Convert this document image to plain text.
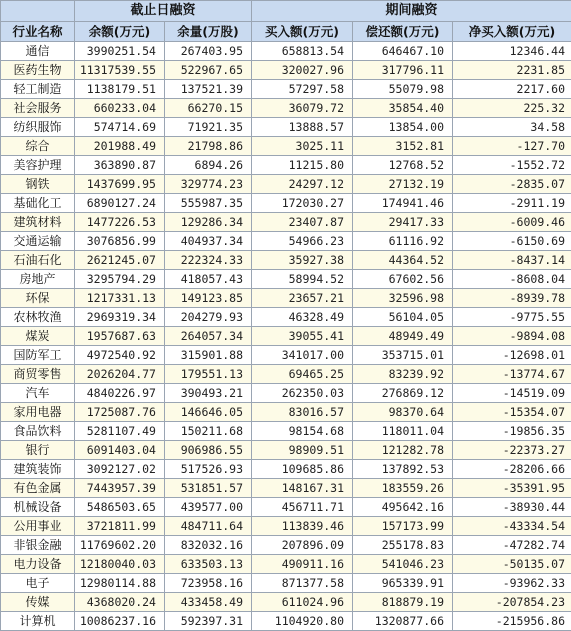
	截止日融资		期间融资		
行业名称	余额(万元)	余量(万股)	买入额(万元)	偿还额(万元)	净买入额(万元)
通信	3990251.54	267403.95	658813.54	646467.10	12346.44
医药生物	11317539.55	522967.65	320027.96	317796.11	2231.85
轻工制造	1138179.51	137521.39	57297.58	55079.98	2217.60
社会服务	660233.04	66270.15	36079.72	35854.40	225.32
纺织服饰	574714.69	71921.35	13888.57	13854.00	34.58
综合	201988.49	21798.86	3025.11	3152.81	-127.70
美容护理	363890.87	6894.26	11215.80	12768.52	-1552.72
钢铁	1437699.95	329774.23	24297.12	27132.19	-2835.07
基础化工	6890127.24	555987.35	172030.27	174941.46	-2911.19
建筑材料	1477226.53	129286.34	23407.87	29417.33	-6009.46
交通运输	3076856.99	404937.34	54966.23	61116.92	-6150.69
石油石化	2621245.07	222324.33	35927.38	44364.52	-8437.14
房地产	3295794.29	418057.43	58994.52	67602.56	-8608.04
环保	1217331.13	149123.85	23657.21	32596.98	-8939.78
农林牧渔	2969319.34	204279.93	46328.49	56104.05	-9775.55
煤炭	1957687.63	264057.34	39055.41	48949.49	-9894.08
国防军工	4972540.92	315901.88	341017.00	353715.01	-12698.01
商贸零售	2026204.77	179551.13	69465.25	83239.92	-13774.67
汽车	4840226.97	390493.21	262350.03	276869.12	-14519.09
家用电器	1725087.76	146646.05	83016.57	98370.64	-15354.07
食品饮料	5281107.49	150211.68	98154.68	118011.04	-19856.35
银行	6091403.04	906986.55	98909.51	121282.78	-22373.27
建筑装饰	3092127.02	517526.93	109685.86	137892.53	-28206.66
有色金属	7443957.39	531851.57	148167.31	183559.26	-35391.95
机械设备	5486503.65	439577.00	456711.71	495642.16	-38930.44
公用事业	3721811.99	484711.64	113839.46	157173.99	-43334.54
非银金融	11769602.20	832032.16	207896.09	255178.83	-47282.74
电力设备	12180040.03	633503.13	490911.16	541046.23	-50135.07
电子	12980114.88	723958.16	871377.58	965339.91	-93962.33
传媒	4368020.24	433458.49	611024.96	818879.19	-207854.23
计算机	10086237.16	592397.31	1104920.80	1320877.66	-215956.86
